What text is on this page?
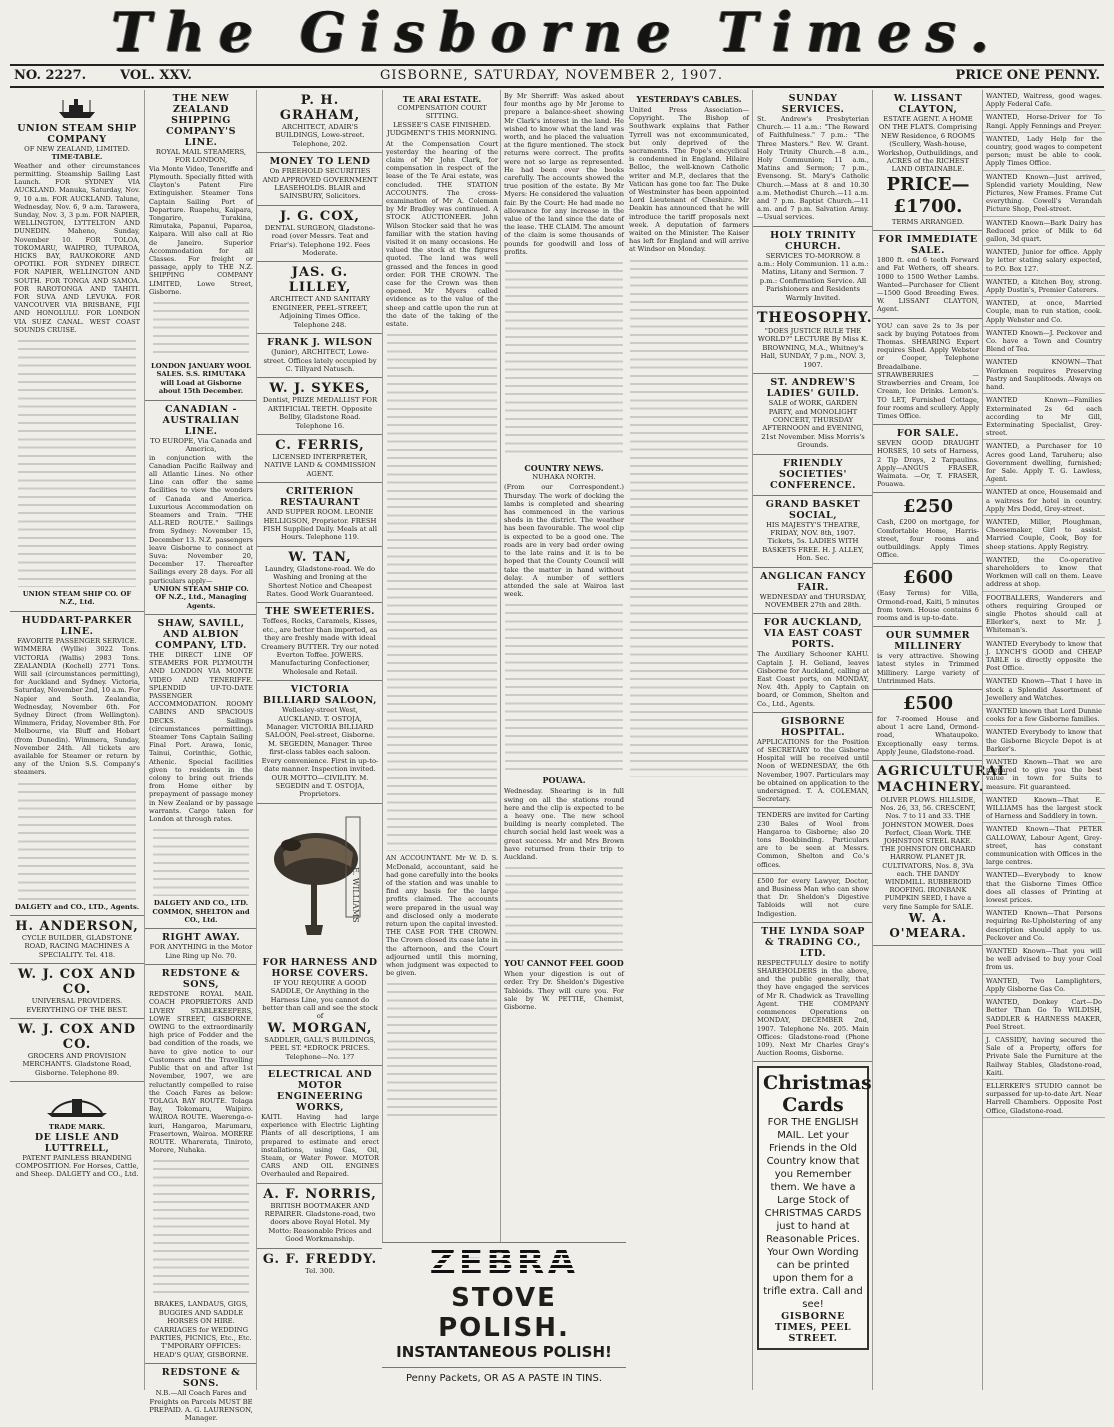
The Gisborne Times.
NO. 2227.	VOL. XXV.	GISBORNE, SATURDAY, NOVEMBER 2, 1907.	PRICE ONE PENNY.
UNION STEAM SHIP COMPANY
OF NEW ZEALAND, LIMITED.
TIME-TABLE.
Weather and other circumstances permitting. Steamship Sailing Last Launch. FOR SYDNEY VIA AUCKLAND. Manuka, Saturday, Nov. 9, 10 a.m. FOR AUCKLAND. Talune, Wednesday, Nov. 6, 9 a.m. Tarawera, Sunday, Nov. 3, 3 p.m. FOR NAPIER, WELLINGTON, LYTTELTON AND DUNEDIN. Maheno, Sunday, November 10. FOR TOLOA, TOKOMARU, WAIPIRO, TUPAROA, HICKS BAY, RAUKOKORE AND OPOTIKI. FOR SYDNEY DIRECT. FOR NAPIER, WELLINGTON AND SOUTH. FOR TONGA AND SAMOA. FOR RAROTONGA AND TAHITI. FOR SUVA AND LEVUKA. FOR VANCOUVER VIA BRISBANE, FIJI AND HONOLULU. FOR LONDON VIA SUEZ CANAL. WEST COAST SOUNDS CRUISE.
UNION STEAM SHIP CO. OF N.Z., Ltd.
HUDDART-PARKER LINE.
FAVORITE PASSENGER SERVICE.
WIMMERA (Wyllie) 3022 Tons. VICTORIA (Wallis) 2983 Tons. ZEALANDIA (Kochell) 2771 Tons. Will sail (circumstances permitting), for Auckland and Sydney. Victoria, Saturday, November 2nd, 10 a.m. For Napier and South. Zealandia, Wednesday, November 6th. For Sydney Direct (from Wellington). Wimmera, Friday, November 8th. For Melbourne, via Bluff and Hobart (from Dunedin). Wimmera, Sunday, November 24th. All tickets are available for Steamer or return by any of the Union S.S. Company's steamers.
DALGETY and CO., LTD., Agents.
H. ANDERSON,
CYCLE BUILDER, GLADSTONE ROAD, RACING MACHINES A SPECIALITY. Tel. 418.
W. J. COX AND CO.
UNIVERSAL PROVIDERS. EVERYTHING OF THE BEST.
W. J. COX AND CO.
GROCERS AND PROVISION MERCHANTS. Gladstone Road, Gisborne. Telephone 89.
TRADE MARK.
DE LISLE AND LUTTRELL,
PATENT PAINLESS BRANDING COMPOSITION. For Horses, Cattle, and Sheep. DALGETY and CO., Ltd.
THE NEW ZEALAND SHIPPING COMPANY'S LINE.
ROYAL MAIL STEAMERS, FOR LONDON,
Via Monte Video, Teneriffe and Plymouth. Specially fitted with Clayton's Patent Fire Extinguisher. Steamer Tons Captain Sailing Port of Departure. Ruapehu, Kaipara, Tongariro, Turakina, Rimutaka, Papanui, Paparoa, Kaipara. Will also call at Rio de Janeiro. Superior Accommodation for all Classes. For freight or passage, apply to THE N.Z. SHIPPING COMPANY LIMITED, Lowe Street, Gisborne.
LONDON JANUARY WOOL SALES. S.S. RIMUTAKA will Load at Gisborne about 15th December.
CANADIAN - AUSTRALIAN LINE.
TO EUROPE, Via Canada and America,
in conjunction with the Canadian Pacific Railway and all Atlantic Lines. No other Line can offer the same facilities to view the wonders of Canada and America. Luxurious Accommodation on Steamers and Train. "THE ALL-RED ROUTE." Sailings from Sydney: November 15, December 13. N.Z. passengers leave Gisborne to connect at Suva: November 20, December 17. Thereafter Sailings every 28 days. For all particulars apply—
UNION STEAM SHIP CO. OF N.Z., Ltd., Managing Agents.
SHAW, SAVILL, AND ALBION COMPANY, LTD.
THE DIRECT LINE OF STEAMERS FOR PLYMOUTH AND LONDON VIA MONTE VIDEO AND TENERIFFE. SPLENDID UP-TO-DATE PASSENGER ACCOMMODATION. ROOMY CABINS AND SPACIOUS DECKS. Sailings (circumstances permitting). Steamer Tons Captain Sailing Final Port. Arawa, Ionic, Tainui, Corinthic, Gothic, Athenic. Special facilities given to residents in the colony to bring out friends from Home either by prepayment of passage money in New Zealand or by passage warrants. Cargo taken for London at through rates.
DALGETY AND CO., LTD. COMMON, SHELTON and CO., Ltd.
RIGHT AWAY.
FOR ANYTHING in the Motor Line Ring up No. 70.
REDSTONE & SONS,
REDSTONE ROYAL MAIL COACH PROPRIETORS AND LIVERY STABLEKEEPERS, LOWE STREET, GISBORNE. OWING to the extraordinarily high price of Fodder and the bad condition of the roads, we have to give notice to our Customers and the Travelling Public that on and after 1st November, 1907, we are reluctantly compelled to raise the Coach Fares as below: TOLAGA BAY ROUTE. Tolaga Bay, Tokomaru, Waipiro. WAIROA ROUTE. Waerenga-o-kuri, Hangaroa, Marumaru, Frasertown, Wairoa. MORERE ROUTE. Wharerata, Tiniroto, Morere, Nuhaka.
BRAKES, LANDAUS, GIGS, BUGGIES AND SADDLE HORSES ON HIRE. CARRIAGES for WEDDING PARTIES, PICNICS, Etc., Etc. T'MPORARY OFFICES: HEAD'S QUAY, GISBORNE.
REDSTONE & SONS.
N.B.—All Coach Fares and Freights on Parcels MUST BE PREPAID. A. G. LAURENSON, Manager.
P. H. GRAHAM,
ARCHITECT, ADAIR'S BUILDINGS, Lowe-street. Telephone, 202.
MONEY TO LEND
On FREEHOLD SECURITIES AND APPROVED GOVERNMENT LEASEHOLDS. BLAIR and SAINSBURY, Solicitors.
J. G. COX,
DENTAL SURGEON, Gladstone-road (over Messrs. Teat and Friar's). Telephone 192. Fees Moderate.
JAS. G. LILLEY,
ARCHITECT AND SANITARY ENGINEER, PEEL-STREET, Adjoining Times Office. Telephone 248.
FRANK J. WILSON
(Junior), ARCHITECT, Lowe-street. Offices lately occupied by C. Tillyard Natusch.
W. J. SYKES,
Dentist, PRIZE MEDALLIST FOR ARTIFICIAL TEETH. Opposite Bellby, Gladstone Road. Telephone 16.
C. FERRIS,
LICENSED INTERPRETER, NATIVE LAND & COMMISSION AGENT.
CRITERION RESTAURANT
AND SUPPER ROOM. LEONIE HELLIGSON, Proprietor. FRESH FISH Supplied Daily. Meals at all Hours. Telephone 119.
W. TAN,
Laundry, Gladstone-road. We do Washing and Ironing at the Shortest Notice and Cheapest Rates. Good Work Guaranteed.
THE SWEETERIES.
Toffees, Rocks, Caramels, Kisses, etc., are better than imported, as they are freshly made with ideal Creamery BUTTER. Try our noted Everton Toffee. JOWERS. Manufacturing Confectioner, Wholesale and Retail.
VICTORIA BILLIARD SALOON,
Wellesley-street West, AUCKLAND. T. OSTOJA, Manager. VICTORIA BILLIARD SALOON, Peel-street, Gisborne. M. SEGEDIN, Manager. Three first-class tables each saloon. Every convenience. First in up-to-date manner. Inspection invited. OUR MOTTO—CIVILITY. M. SEGEDIN and T. OSTOJA, Proprietors.
E. WILLIAMS
FOR HARNESS AND HORSE COVERS.
IF YOU REQUIRE A GOOD SADDLE, Or Anything in the Harness Line, you cannot do better than call and see the stock of
W. MORGAN,
SADDLER, GALL'S BUILDINGS, PEEL ST. *EDROCK PRICES. Telephone—No. 1?7
ELECTRICAL AND MOTOR ENGINEERING WORKS,
KAITI. Having had large experience with Electric Lighting Plants of all descriptions, I am prepared to estimate and erect installations, using Gas, Oil, Steam, or Water Power. MOTOR CARS AND OIL ENGINES Overhauled and Repaired.
A. F. NORRIS,
BRITISH BOOTMAKER AND REPAIRER. Gladstone-road, two doors above Royal Hotel. My Motto: Reasonable Prices and Good Workmanship.
G. F. FREDDY.
Tel. 300.
TE ARAI ESTATE.
COMPENSATION COURT SITTING.
LESSEE'S CASE FINISHED.
JUDGMENT'S THIS MORNING.
At the Compensation Court yesterday the hearing of the claim of Mr John Clark, for compensation in respect of the lease of the Te Arai estate, was concluded. THE STATION ACCOUNTS. The cross-examination of Mr A. Coleman by Mr Bradley was continued. A STOCK AUCTIONEER. John Wilson Stocker said that he was familiar with the station having visited it on many occasions. He valued the stock at the figures quoted. The land was well grassed and the fences in good order. FOR THE CROWN. The case for the Crown was then opened. Mr Myers called evidence as to the value of the sheep and cattle upon the run at the date of the taking of the estate.
AN ACCOUNTANT. Mr W. D. S. McDonald, accountant, said he had gone carefully into the books of the station and was unable to find any basis for the large profits claimed. The accounts were prepared in the usual way and disclosed only a moderate return upon the capital invested. THE CASE FOR THE CROWN. The Crown closed its case late in the afternoon, and the Court adjourned until this morning, when judgment was expected to be given.
By Mr Sherriff: Was asked about four months ago by Mr Jerome to prepare a balance-sheet showing Mr Clark's interest in the land. He wished to know what the land was worth, and he placed the valuation at the figure mentioned. The stock returns were correct. The profits were not so large as represented. He had been over the books carefully. The accounts showed the true position of the estate. By Mr Myers: He considered the valuation fair. By the Court: He had made no allowance for any increase in the value of the land since the date of the lease. THE CLAIM. The amount of the claim is some thousands of pounds for goodwill and loss of profits.
COUNTRY NEWS.
NUHAKA NORTH.
(From our Correspondent.) Thursday. The work of docking the lambs is completed and shearing has commenced in the various sheds in the district. The weather has been favourable. The wool clip is expected to be a good one. The roads are in very bad order owing to the late rains and it is to be hoped that the County Council will take the matter in hand without delay. A number of settlers attended the sale at Wairoa last week.
POUAWA.
Wednesday. Shearing is in full swing on all the stations round here and the clip is expected to be a heavy one. The new school building is nearly completed. The church social held last week was a great success. Mr and Mrs Brown have returned from their trip to Auckland.
YOU CANNOT FEEL GOOD
When your digestion is out of order. Try Dr. Sheldon's Digestive Tabloids. They will cure you. For sale by W. PETTIE, Chemist, Gisborne.
ZEBRA
STOVE POLISH.
INSTANTANEOUS POLISH!
Penny Packets, OR AS A PASTE IN TINS.
YESTERDAY'S CABLES.
United Press Association—Copyright. The Bishop of Southwark explains that Father Tyrrell was not excommunicated, but only deprived of the sacraments. The Pope's encyclical is condemned in England. Hilaire Belloc, the well-known Catholic writer and M.P., declares that the Vatican has gone too far. The Duke of Westminster has been appointed Lord Lieutenant of Cheshire. Mr Deakin has announced that he will introduce the tariff proposals next week. A deputation of farmers waited on the Minister. The Kaiser has left for England and will arrive at Windsor on Monday.
SUNDAY SERVICES.
St. Andrew's Presbyterian Church.— 11 a.m.: "The Reward of Faithfulness." 7 p.m.: "The Three Masters." Rev. W. Grant. Holy Trinity Church.—8 a.m., Holy Communion; 11 a.m., Matins and Sermon; 7 p.m., Evensong. St. Mary's Catholic Church.—Mass at 8 and 10.30 a.m. Methodist Church.—11 a.m. and 7 p.m. Baptist Church.—11 a.m. and 7 p.m. Salvation Army.—Usual services.
HOLY TRINITY CHURCH.
SERVICES TO-MORROW. 8 a.m.: Holy Communion. 11 a.m.: Matins, Litany and Sermon. 7 p.m.: Confirmation Service. All Parishioners and Residents Warmly Invited.
THEOSOPHY.
"DOES JUSTICE RULE THE WORLD?" LECTURE By Miss K. BROWNING, M.A., Whitney's Hall, SUNDAY, 7 p.m., NOV. 3, 1907.
ST. ANDREW'S LADIES' GUILD.
SALE of WORK, GARDEN PARTY, and MONOLIGHT CONCERT, THURSDAY AFTERNOON and EVENING, 21st November. Miss Morris's Grounds.
FRIENDLY SOCIETIES' CONFERENCE.
GRAND BASKET SOCIAL,
HIS MAJESTY'S THEATRE, FRIDAY, NOV. 8th, 1907. Tickets, 5s. LADIES WITH BASKETS FREE. H. J. ALLEY, Hon. Sec.
ANGLICAN FANCY FAIR.
WEDNESDAY and THURSDAY, NOVEMBER 27th and 28th.
FOR AUCKLAND, VIA EAST COAST PORTS.
The Auxiliary Schooner KAHU. Captain J. H. Geliand, leaves Gisborne for Auckland, calling at East Coast ports, on MONDAY, Nov. 4th. Apply to Captain on board, or Common, Shelton and Co., Ltd., Agents.
GISBORNE HOSPITAL.
APPLICATIONS for the Position of SECRETARY to the Gisborne Hospital will be received until Noon of WEDNESDAY, the 6th November, 1907. Particulars may be obtained on application to the undersigned. T. A. COLEMAN, Secretary.
TENDERS are invited for Carting 230 Bales of Wool from Hangaroa to Gisborne; also 20 tons Bookbinding. Particulars are to be seen at Messrs. Common, Shelton and Co.'s offices.
£500 for every Lawyer, Doctor, and Business Man who can show that Dr. Sheldon's Digestive Tabloids will not cure Indigestion.
THE LYNDA SOAP & TRADING CO., LTD.
RESPECTFULLY desire to notify SHAREHOLDERS in the above, and the public generally, that they have engaged the services of Mr R. Chadwick as Travelling Agent. THE COMPANY commences Operations on MONDAY, DECEMBER 2nd, 1907. Telephone No. 205. Main Offices: Gladstone-road (Phone 109). Next Mr Charles Gray's Auction Rooms, Gisborne.
Christmas Cards
FOR THE ENGLISH MAIL. Let your Friends in the Old Country know that you Remember them. We have a Large Stock of CHRISTMAS CARDS just to hand at Reasonable Prices. Your Own Wording can be printed upon them for a trifle extra. Call and see!
GISBORNE TIMES, PEEL STREET.
W. LISSANT CLAYTON,
ESTATE AGENT. A HOME ON THE FLATS. Comprising NEW Residence, 6 ROOMS (Scullery, Wash-house, Workshop, Outbuildings, and ACRES of the RICHEST LAND OBTAINABLE.
PRICE—£1700.
TERMS ARRANGED.
FOR IMMEDIATE SALE.
1800 ft. end 6 teeth Forward and Fat Wethers, off shears. 1000 to 1500 Wether Lambs. Wanted—Purchaser for Client—1500 Good Breeding Ewes. W. LISSANT CLAYTON, Agent.
YOU can save 2s to 3s per sack by buying Potatoes from Thomas. SHEARING Expert requires Shed. Apply Webster or Cooper, Telephone Breadalbane. STRAWBERRIES — Strawberries and Cream, Ice Cream, Ice Drinks. Lemon's. TO LET, Furnished Cottage, four rooms and scullery. Apply Times Office.
FOR SALE.
SEVEN GOOD DRAUGHT HORSES, 10 sets of Harness, 2 Tip Drays, 2 Tarpaulins. Apply—ANGUS FRASER, Waimata. —Or, T. FRASER, Pouawa.
£250
Cash, £200 on mortgage, for Comfortable Home, Harris-street, four rooms and outbuildings. Apply Times Office.
£600
(Easy Terms) for Villa, Ormond-road, Kaiti, 5 minutes from town. House contains 6 rooms and is up-to-date.
OUR SUMMER MILLINERY
is very attractive. Showing latest styles in Trimmed Millinery. Large variety of Untrimmed Hats.
£500
for 7-roomed House and about 1 acre Land, Ormond-road, Whataupoko. Exceptionally easy terms. Apply Jeune, Gladstone-road.
AGRICULTURAL MACHINERY.
OLIVER PLOWS. HILLSIDE, Nos. 26, 33, 56. CRESCENT, Nos. 7 to 11 and 33. THE JOHNSTON MOWER. Does Perfect, Clean Work. THE JOHNSTON STEEL RAKE. THE JOHNSTON ORCHARD HARROW. PLANET JR. CULTIVATORS, Nos. 8, 3Va each. THE DANDY WINDMILL. RUBBEROID ROOFING. IRONBANK PUMPKIN SEED, I have a very fine Sample for SALE.
W. A. O'MEARA.
WANTED, Waitress, good wages. Apply Federal Cafe.
WANTED, Horse-Driver for To Rangi. Apply Fennings and Preyer.
WANTED, Lady Help for the country, good wages to competent person; must be able to cook. Apply Times Office.
WANTED Known—Just arrived, Splendid variety Moulding, New Pictures, New Frames. Frame Cut everything. Cowell's Verandah Picture Shop, Peel-street.
WANTED Known—Bark Dairy has Reduced price of Milk to 6d gallon, 3d quart.
WANTED, Junior for office. Apply by letter stating salary expected, to P.O. Box 127.
WANTED, a Kitchen Boy, strong. Apply Dustin's, Premier Caterers.
WANTED, at once, Married Couple, man to run station, cook. Apply Webster and Co.
WANTED Known—J. Peckover and Co. have a Town and Country Blend of Tea.
WANTED KNOWN—That Workmen requires Preserving Pastry and Sauplitoods. Always on hand.
WANTED Known—Families Exterminated 2s 6d each according to Mr Gill, Exterminating Specialist, Grey-street.
WANTED, a Purchaser for 10 Acres good Land, Taruheru; also Government dwelling, furnished; for Sale. Apply T. G. Lawless, Agent.
WANTED at once, Housemaid and a waitress for hotel in country. Apply Mrs Dodd, Grey-street.
WANTED, Miller, Ploughman, Cheesemaker, Girl to assist. Married Couple, Cook, Boy for sheep stations. Apply Registry.
WANTED, the Co-operative shareholders to know that Workmen will call on them. Leave address at shop.
FOOTBALLERS, Wanderers and others requiring Grouped or single Photos should call at Ellerker's, next to Mr. J. Whiteman's.
WANTED Everybody to know that J. LYNCH'S GOOD and CHEAP TABLE is directly opposite the Post Office.
WANTED Known—That I have in stock a Splendid Assortment of Jewellery and Watches.
WANTED known that Lord Dunnie cooks for a few Gisborne families.
WANTED Everybody to know that the Gisborne Bicycle Depot is at Barker's.
WANTED Known—That we are prepared to give you the best value in town for Suits to measure. Fit guaranteed.
WANTED Known—That E. WILLIAMS has the largest stock of Harness and Saddlery in town.
WANTED Known—That PETER GALLOWAY, Labour Agent, Grey-street, has constant communication with Offices in the large centres.
WANTED—Everybody to know that the Gisborne Times Office does all classes of Printing at lowest prices.
WANTED Known—That Persons requiring Re-Upholstering of any description should apply to us. Peckover and Co.
WANTED Known—That you will be well advised to buy your Coal from us.
WANTED, Two Lamplighters, Apply Gisborne Gas Co.
WANTED, Donkey Cart—Do Better Than Go To WILDISH, SADDLER & HARNESS MAKER, Peel Street.
J. CASSIDY, having secured the Sale of a Property, offers for Private Sale the Furniture at the Railway Stables, Gladstone-road, Kaiti.
ELLERKER'S STUDIO cannot be surpassed for up-to-date Art. Near Harrell Chambers. Opposite Post Office, Gladstone-road.
